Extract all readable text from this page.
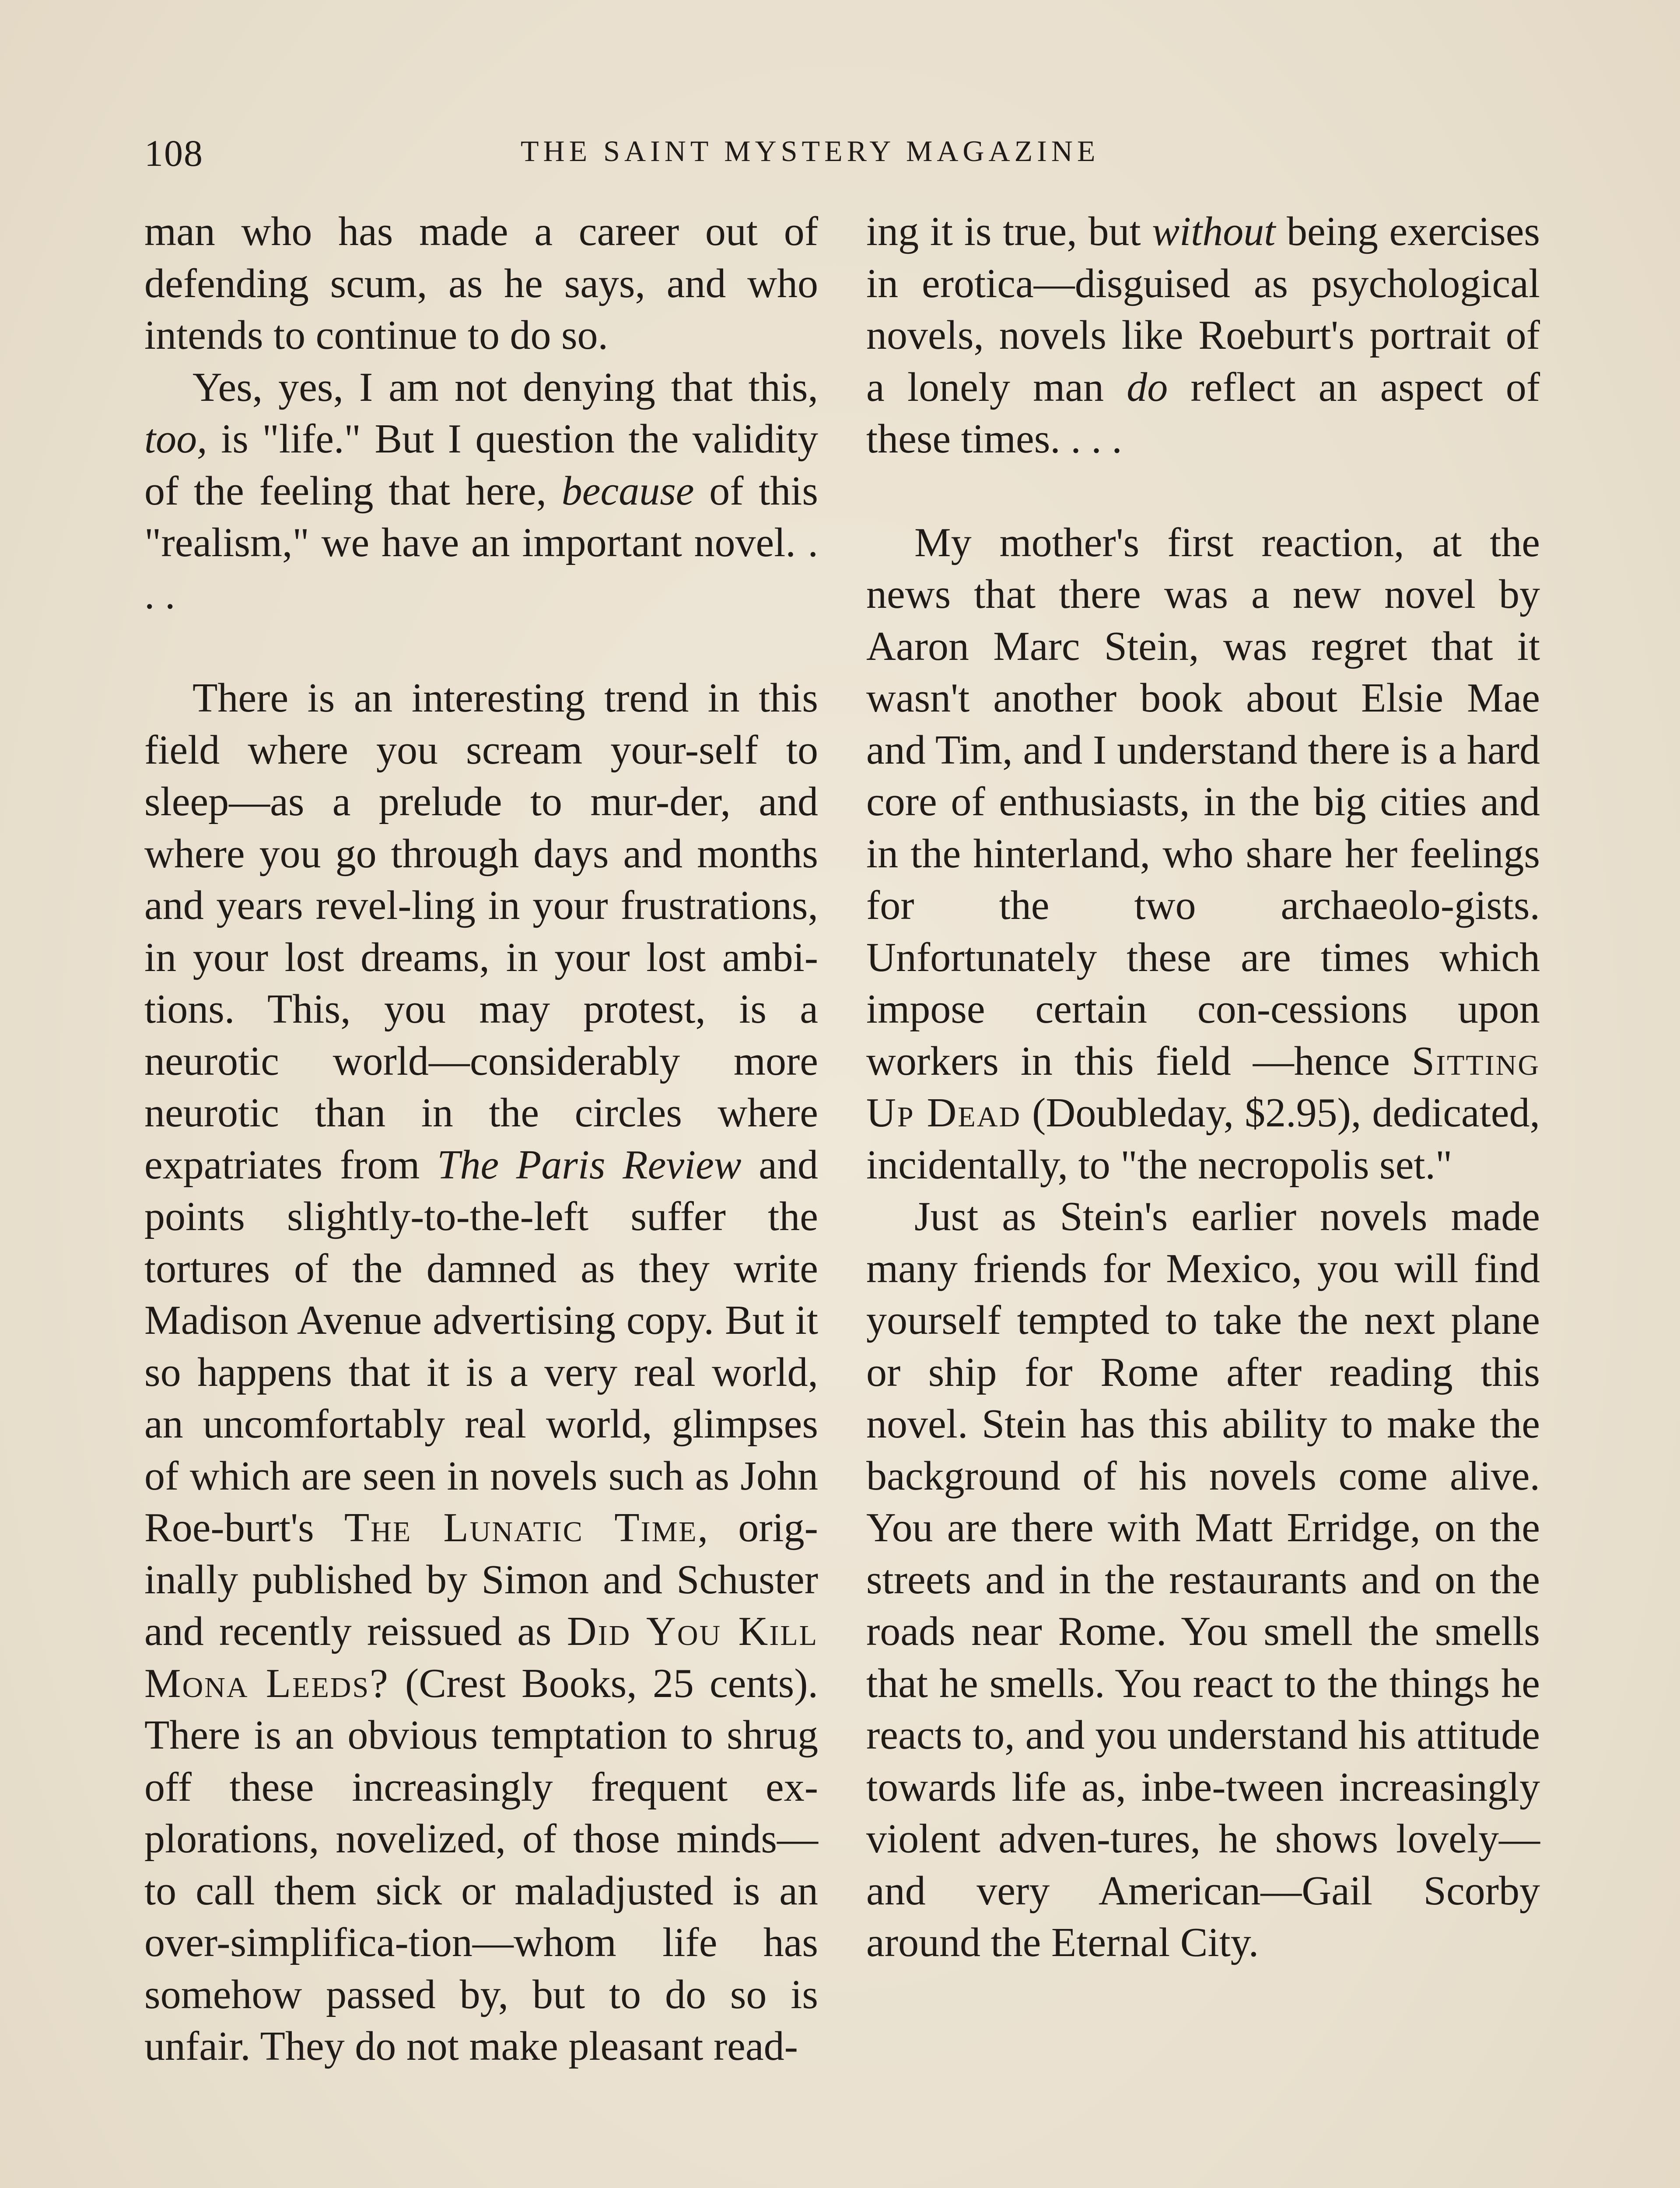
108	THE SAINT MYSTERY MAGAZINE

man who has made a career out of defending scum, as he says, and who intends to continue to do so.

Yes, yes, I am not denying that this, too, is "life." But I question the validity of the feeling that here, because of this "realism," we have an important novel. . . .

There is an interesting trend in this field where you scream your-self to sleep—as a prelude to mur-der, and where you go through days and months and years revel-ling in your frustrations, in your lost dreams, in your lost ambi-tions. This, you may protest, is a neurotic world—considerably more neurotic than in the circles where expatriates from The Paris Review and points slightly-to-the-left suffer the tortures of the damned as they write Madison Avenue advertising copy. But it so happens that it is a very real world, an uncomfortably real world, glimpses of which are seen in novels such as John Roe-burt's The Lunatic Time, orig-inally published by Simon and Schuster and recently reissued as Did You Kill Mona Leeds? (Crest Books, 25 cents). There is an obvious temptation to shrug off these increasingly frequent ex-plorations, novelized, of those minds—to call them sick or maladjusted is an over-simplifica-tion—whom life has somehow passed by, but to do so is unfair. They do not make pleasant read-

ing it is true, but without being exercises in erotica—disguised as psychological novels, novels like Roeburt's portrait of a lonely man do reflect an aspect of these times. . . .

My mother's first reaction, at the news that there was a new novel by Aaron Marc Stein, was regret that it wasn't another book about Elsie Mae and Tim, and I understand there is a hard core of enthusiasts, in the big cities and in the hinterland, who share her feelings for the two archaeolo-gists. Unfortunately these are times which impose certain con-cessions upon workers in this field —hence Sitting Up Dead (Doubleday, $2.95), dedicated, incidentally, to "the necropolis set."

Just as Stein's earlier novels made many friends for Mexico, you will find yourself tempted to take the next plane or ship for Rome after reading this novel. Stein has this ability to make the background of his novels come alive. You are there with Matt Erridge, on the streets and in the restaurants and on the roads near Rome. You smell the smells that he smells. You react to the things he reacts to, and you understand his attitude towards life as, inbe-tween increasingly violent adven-tures, he shows lovely—and very American—Gail Scorby around the Eternal City.
